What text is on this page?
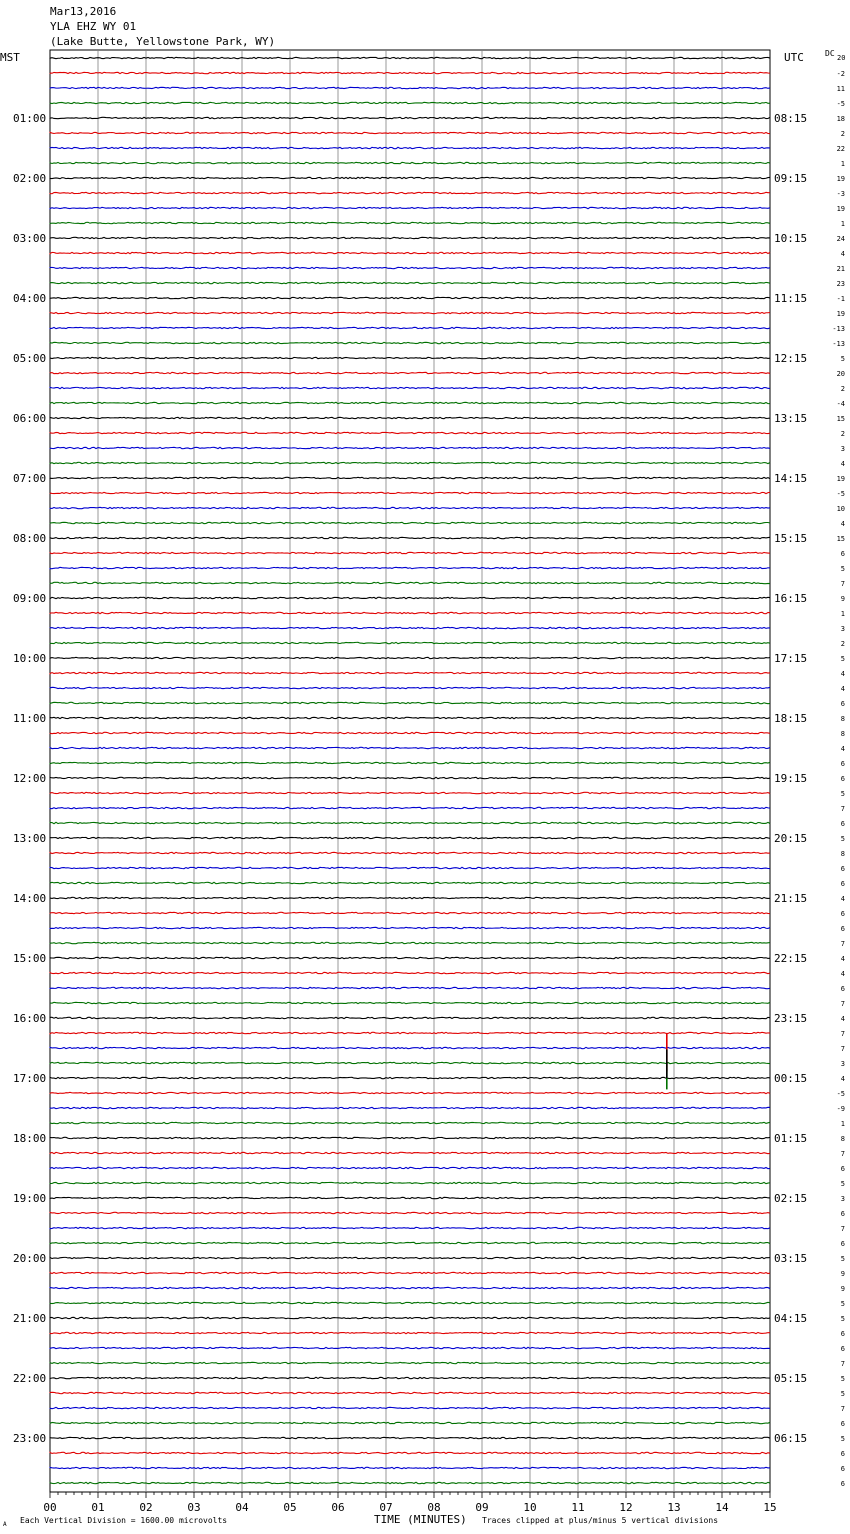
Mar13,2016
YLA EHZ WY 01
(Lake Butte, Yellowstone Park, WY)
01:00
02:00
03:00
04:00
05:00
06:00
07:00
08:00
09:00
10:00
11:00
12:00
13:00
14:00
15:00
16:00
17:00
18:00
19:00
20:00
21:00
22:00
23:00
08:15
09:15
10:15
11:15
12:15
13:15
14:15
15:15
16:15
17:15
18:15
19:15
20:15
21:15
22:15
23:15
00:15
01:15
02:15
03:15
04:15
05:15
06:15
-2
11
-5
18
2
22
1
19
-3
19
1
24
4
21
23
-1
19
-13
-13
5
20
2
-4
15
2
3
4
19
-5
10
4
15
6
5
7
9
1
3
2
5
4
4
6
8
8
4
6
6
5
7
6
5
8
6
6
4
6
6
7
4
4
6
7
4
7
7
3
4
-5
-9
1
8
7
6
5
3
6
7
6
5
9
9
5
5
6
6
7
5
5
7
6
5
6
6
6
00	01	02	03	04	05	06	07	08	09	10	11	12	13	14	15
MST	UTC	DC 20
Each Vertical Division = 1600.00 microvolts	TIME (MINUTES) Traces clipped at plus/minus 5 vertical divisions
A
